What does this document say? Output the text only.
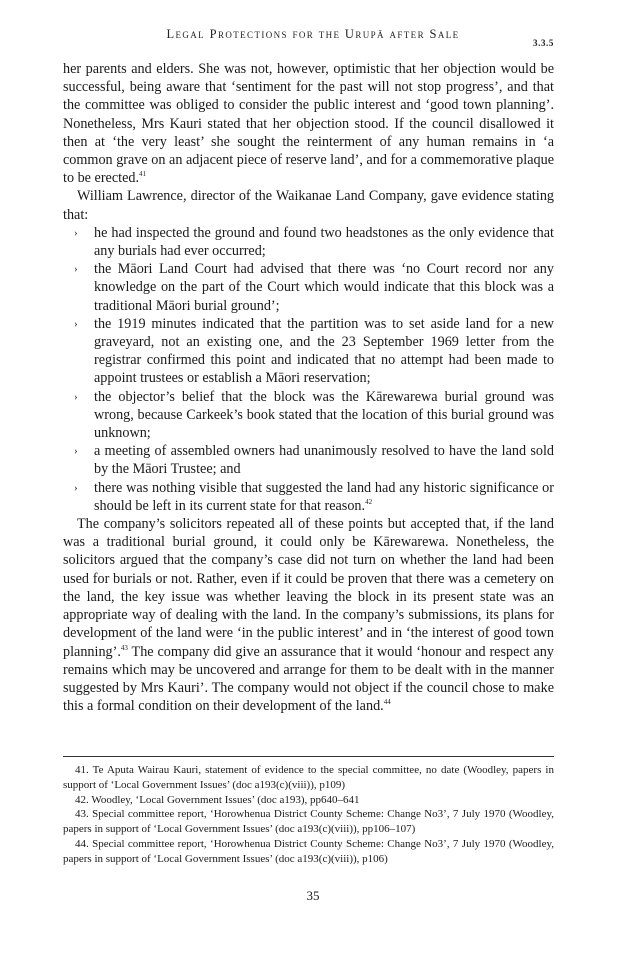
Legal Protections for the Urupā after Sale
3.3.5

her parents and elders. She was not, however, optimistic that her objection would be successful, being aware that ‘sentiment for the past will not stop progress’, and that the committee was obliged to consider the public interest and ‘good town planning’. Nonetheless, Mrs Kauri stated that her objection stood. If the council disallowed it then at ‘the very least’ she sought the reinterment of any human remains in ‘a common grave on an adjacent piece of reserve land’, and for a commemorative plaque to be erected.$^{41}$

William Lawrence, director of the Waikanae Land Company, gave evidence stating that:

› he had inspected the ground and found two headstones as the only evidence that any burials had ever occurred;
› the Māori Land Court had advised that there was ‘no Court record nor any knowledge on the part of the Court which would indicate that this block was a traditional Māori burial ground’;
› the 1919 minutes indicated that the partition was to set aside land for a new graveyard, not an existing one, and the 23 September 1969 letter from the registrar confirmed this point and indicated that no attempt had been made to appoint trustees or establish a Māori reservation;
› the objector’s belief that the block was the Kārewarewa burial ground was wrong, because Carkeek’s book stated that the location of this burial ground was unknown;
› a meeting of assembled owners had unanimously resolved to have the land sold by the Māori Trustee; and
› there was nothing visible that suggested the land had any historic significance or should be left in its current state for that reason.$^{42}$

The company’s solicitors repeated all of these points but accepted that, if the land was a traditional burial ground, it could only be Kārewarewa. Nonetheless, the solicitors argued that the company’s case did not turn on whether the land had been used for burials or not. Rather, even if it could be proven that there was a cemetery on the land, the key issue was whether leaving the block in its present state was an appropriate way of dealing with the land. In the company’s submissions, its plans for development of the land were ‘in the public interest’ and in ‘the interest of good town planning’.$^{43}$ The company did give an assurance that it would ‘honour and respect any remains which may be uncovered and arrange for them to be dealt with in the manner suggested by Mrs Kauri’. The company would not object if the council chose to make this a formal condition on their development of the land.$^{44}$

41. Te Aputa Wairau Kauri, statement of evidence to the special committee, no date (Woodley, papers in support of ‘Local Government Issues’ (doc a193(c)(viii)), p109)

42. Woodley, ‘Local Government Issues’ (doc a193), pp640–641

43. Special committee report, ‘Horowhenua District County Scheme: Change No3’, 7 July 1970 (Woodley, papers in support of ‘Local Government Issues’ (doc a193(c)(viii)), pp106–107)

44. Special committee report, ‘Horowhenua District County Scheme: Change No3’, 7 July 1970 (Woodley, papers in support of ‘Local Government Issues’ (doc a193(c)(viii)), p106)

35
